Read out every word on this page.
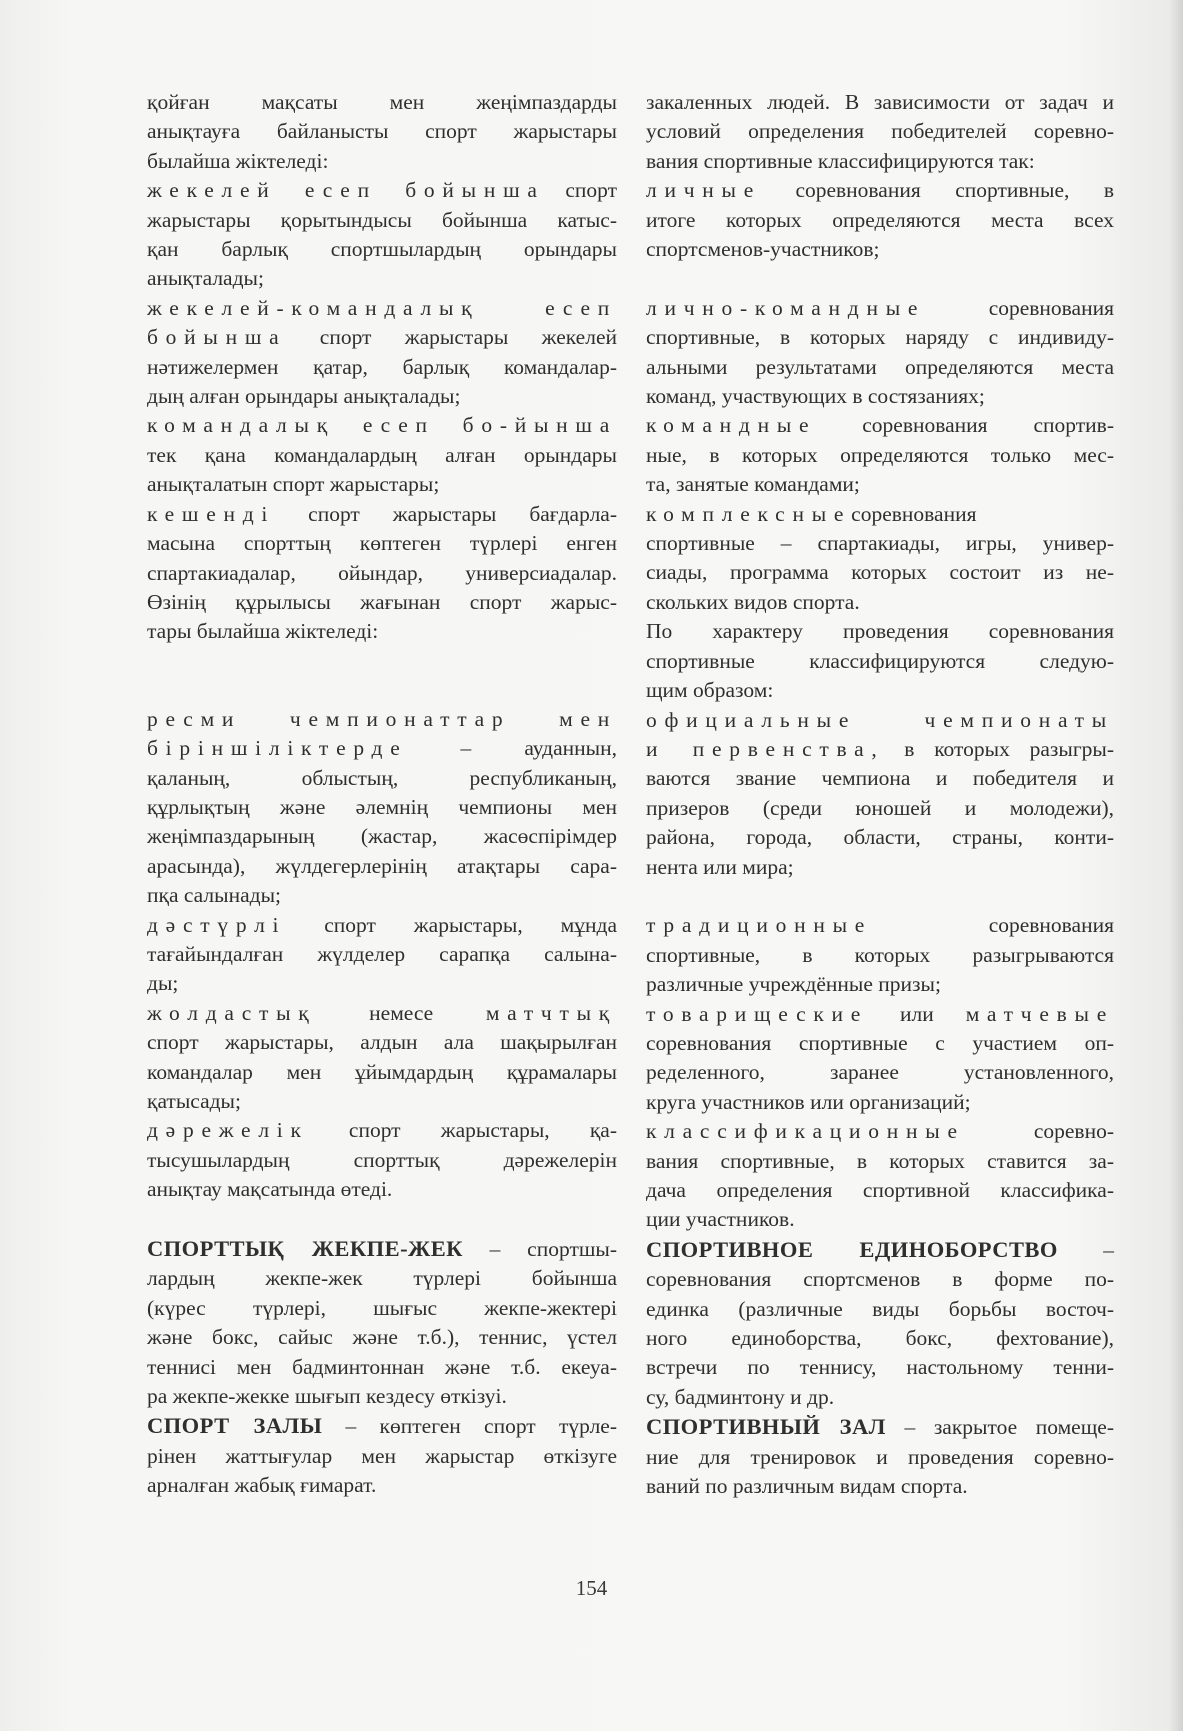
қойған мақсаты мен жеңімпаздарды
анықтауға байланысты спорт жарыстары
былайша жіктеледі:
жекелей есеп бойынша спорт
жарыстары қорытындысы бойынша катыс-
қан барлық спортшылардың орындары
анықталады;
жекелей-командалық есеп
бойынша спорт жарыстары жекелей
нәтижелермен қатар, барлық командалар-
дың алған орындары анықталады;
командалық есеп бо-йынша
тек қана командалардың алған орындары
анықталатын спорт жарыстары;
кешенді спорт жарыстары бағдарла-
масына спорттың көптеген түрлері енген
спартакиадалар, ойындар, универсиадалар.
Өзінің құрылысы жағынан спорт жарыс-
тары былайша жіктеледі:
ресми чемпионаттар мен
біріншіліктерде – ауданнын,
қаланың, облыстың, республиканың,
құрлықтың және әлемнің чемпионы мен
жеңімпаздарының (жастар, жасөспірімдер
арасында), жүлдегерлерінің атақтары сара-
пқа салынады;
дәстүрлі спорт жарыстары, мұнда
тағайындалған жүлделер сарапқа салына-
ды;
жолдастық немесе матчтық
спорт жарыстары, алдын ала шақырылған
командалар мен ұйымдардың құрамалары
қатысады;
дәрежелік спорт жарыстары, қа-
тысушылардың спорттық дәрежелерін
анықтау мақсатында өтеді.
СПОРТТЫҚ ЖЕКПЕ-ЖЕК – спортшы-
лардың жекпе-жек түрлері бойынша
(күрес түрлері, шығыс жекпе-жектері
және бокс, сайыс және т.б.), теннис, үстел
теннисі мен бадминтоннан және т.б. екеуа-
ра жекпе-жекке шығып кездесу өткізуі.
СПОРТ ЗАЛЫ – көптеген спорт түрле-
рінен жаттығулар мен жарыстар өткізуге
арналған жабық ғимарат.
закаленных людей. В зависимости от задач и
условий определения победителей соревно-
вания спортивные классифицируются так:
личные соревнования спортивные, в
итоге которых определяются места всех
спортсменов-участников;
лично-командные соревнования
спортивные, в которых наряду с индивиду-
альными результатами определяются места
команд, участвующих в состязаниях;
командные соревнования спортив-
ные, в которых определяются только мес-
та, занятые командами;
комплексныесоревнования
спортивные – спартакиады, игры, универ-
сиады, программа которых состоит из не-
скольких видов спорта.
По характеру проведения соревнования
спортивные классифицируются следую-
щим образом:
официальные чемпионаты
и первенства, в которых разыгры-
ваются звание чемпиона и победителя и
призеров (среди юношей и молодежи),
района, города, области, страны, конти-
нента или мира;
традиционные соревнования
спортивные, в которых разыгрываются
различные учреждённые призы;
товарищеские или матчевые
соревнования спортивные с участием оп-
ределенного, заранее установленного,
круга участников или организаций;
классификационные соревно-
вания спортивные, в которых ставится за-
дача определения спортивной классифика-
ции участников.
СПОРТИВНОЕ ЕДИНОБОРСТВО –
соревнования спортсменов в форме по-
единка (различные виды борьбы восточ-
ного единоборства, бокс, фехтование),
встречи по теннису, настольному тенни-
су, бадминтону и др.
СПОРТИВНЫЙ ЗАЛ – закрытое помеще-
ние для тренировок и проведения соревно-
ваний по различным видам спорта.
154
